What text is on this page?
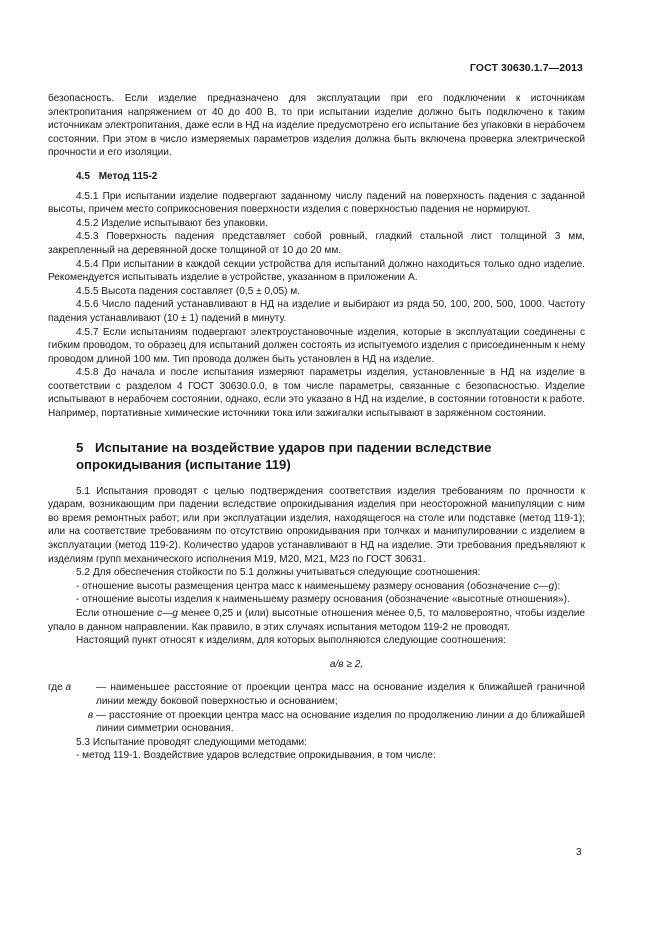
ГОСТ 30630.1.7—2013

безопасность. Если изделие предназначено для эксплуатации при его подключении к источникам электропитания напряжением от 40 до 400 В, то при испытании изделие должно быть подключено к таким источникам электропитания, даже если в НД на изделие предусмотрено его испытание без упаковки в нерабочем состоянии. При этом в число измеряемых параметров изделия должна быть включена проверка электрической прочности и его изоляции.

4.5 Метод 115-2

4.5.1 При испытании изделие подвергают заданному числу падений на поверхность падения с заданной высоты, причем место соприкосновения поверхности изделия с поверхностью падения не нормируют.

4.5.2 Изделие испытывают без упаковки.

4.5.3 Поверхность падения представляет собой ровный, гладкий стальной лист толщиной 3 мм, закрепленный на деревянной доске толщиной от 10 до 20 мм.

4.5.4 При испытании в каждой секции устройства для испытаний должно находиться только одно изделие. Рекомендуется испытывать изделие в устройстве, указанном в приложении А.

4.5.5 Высота падения составляет (0,5 ± 0,05) м.

4.5.6 Число падений устанавливают в НД на изделие и выбирают из ряда 50, 100, 200, 500, 1000. Частоту падения устанавливают (10 ± 1) падений в минуту.

4.5.7 Если испытаниям подвергают электроустановочные изделия, которые в эксплуатации соединены с гибким проводом, то образец для испытаний должен состоять из испытуемого изделия с присоединенным к нему проводом длиной 100 мм. Тип провода должен быть установлен в НД на изделие.

4.5.8 До начала и после испытания измеряют параметры изделия, установленные в НД на изделие в соответствии с разделом 4 ГОСТ 30630.0.0, в том числе параметры, связанные с безопасностью. Изделие испытывают в нерабочем состоянии, однако, если это указано в НД на изделие, в состоянии готовности к работе. Например, портативные химические источники тока или зажигалки испытывают в заряженном состоянии.

5 Испытание на воздействие ударов при падении вследствие опрокидывания (испытание 119)

5.1 Испытания проводят с целью подтверждения соответствия изделия требованиям по прочности к ударам, возникающим при падении вследствие опрокидывания изделия при неосторожной манипуляции с ним во время ремонтных работ; или при эксплуатации изделия, находящегося на столе или подставке (метод 119-1); или на соответствие требованиям по отсутствию опрокидывания при толчках и манипулировании с изделием в эксплуатации (метод 119-2). Количество ударов устанавливают в НД на изделие. Эти требования предъявляют к изделиям групп механического исполнения М19, М20, М21, М23 по ГОСТ 30631.

5.2 Для обеспечения стойкости по 5.1 должны учитываться следующие соотношения:

- отношение высоты размещения центра масс к наименьшему размеру основания (обозначение c—g):

- отношение высоты изделия к наименьшему размеру основания (обозначение «высотные отношения»).

Если отношение c—g менее 0,25 и (или) высотные отношения менее 0,5, то маловероятно, чтобы изделие упало в данном направлении. Как правило, в этих случаях испытания методом 119-2 не проводят.

Настоящий пункт относят к изделиям, для которых выполняются следующие соотношения:

a/в ≥ 2,
где а	— наименьшее расстояние от проекции центра масс на основание изделия к ближайшей граничной линии между боковой поверхностью и основанием;

в — расстояние от проекции центра масс на основание изделия по продолжению линии а до ближайшей линии симметрии основания.

5.3 Испытание проводят следующими методами:

- метод 119-1. Воздействие ударов вследствие опрокидывания, в том числе:

3
